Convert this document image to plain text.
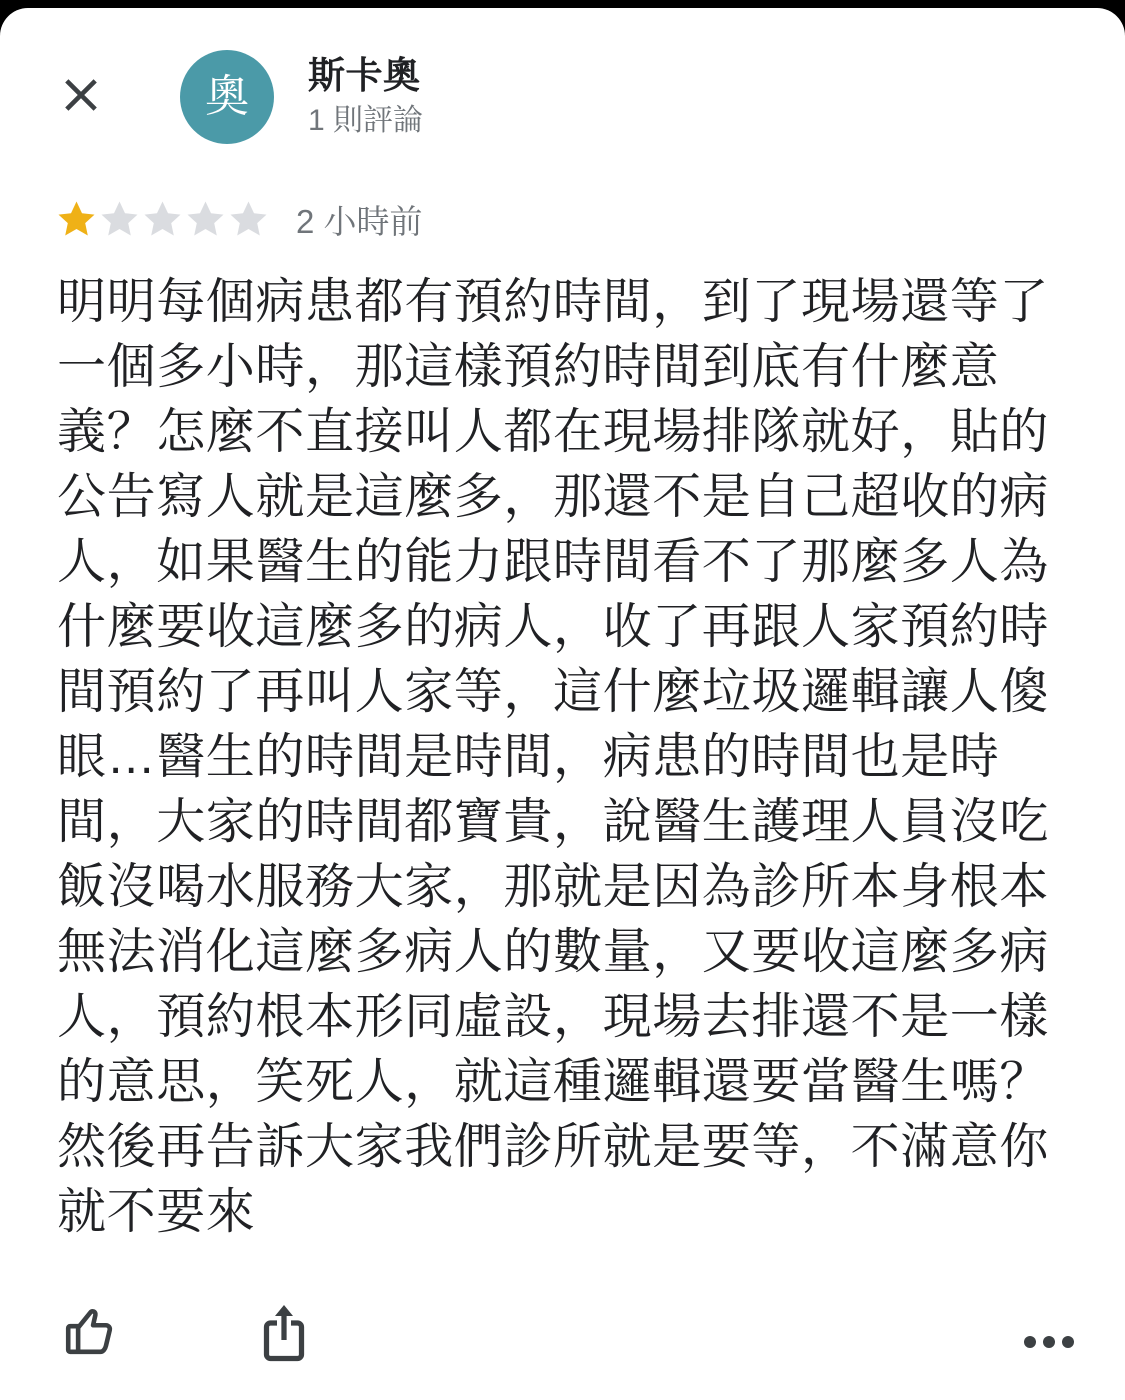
奧 斯卡奧
1 則評論
2 小時前
明明每個病患都有預約時間，到了現場還等了
一個多小時，那這樣預約時間到底有什麼意
義？怎麼不直接叫人都在現場排隊就好，貼的
公告寫人就是這麼多，那還不是自己超收的病
人，如果醫生的能力跟時間看不了那麼多人為
什麼要收這麼多的病人，收了再跟人家預約時
間預約了再叫人家等，這什麼垃圾邏輯讓人傻
眼…醫生的時間是時間，病患的時間也是時
間，大家的時間都寶貴，說醫生護理人員沒吃
飯沒喝水服務大家，那就是因為診所本身根本
無法消化這麼多病人的數量，又要收這麼多病
人，預約根本形同虛設，現場去排還不是一樣
的意思，笑死人，就這種邏輯還要當醫生嗎？
然後再告訴大家我們診所就是要等，不滿意你
就不要來
